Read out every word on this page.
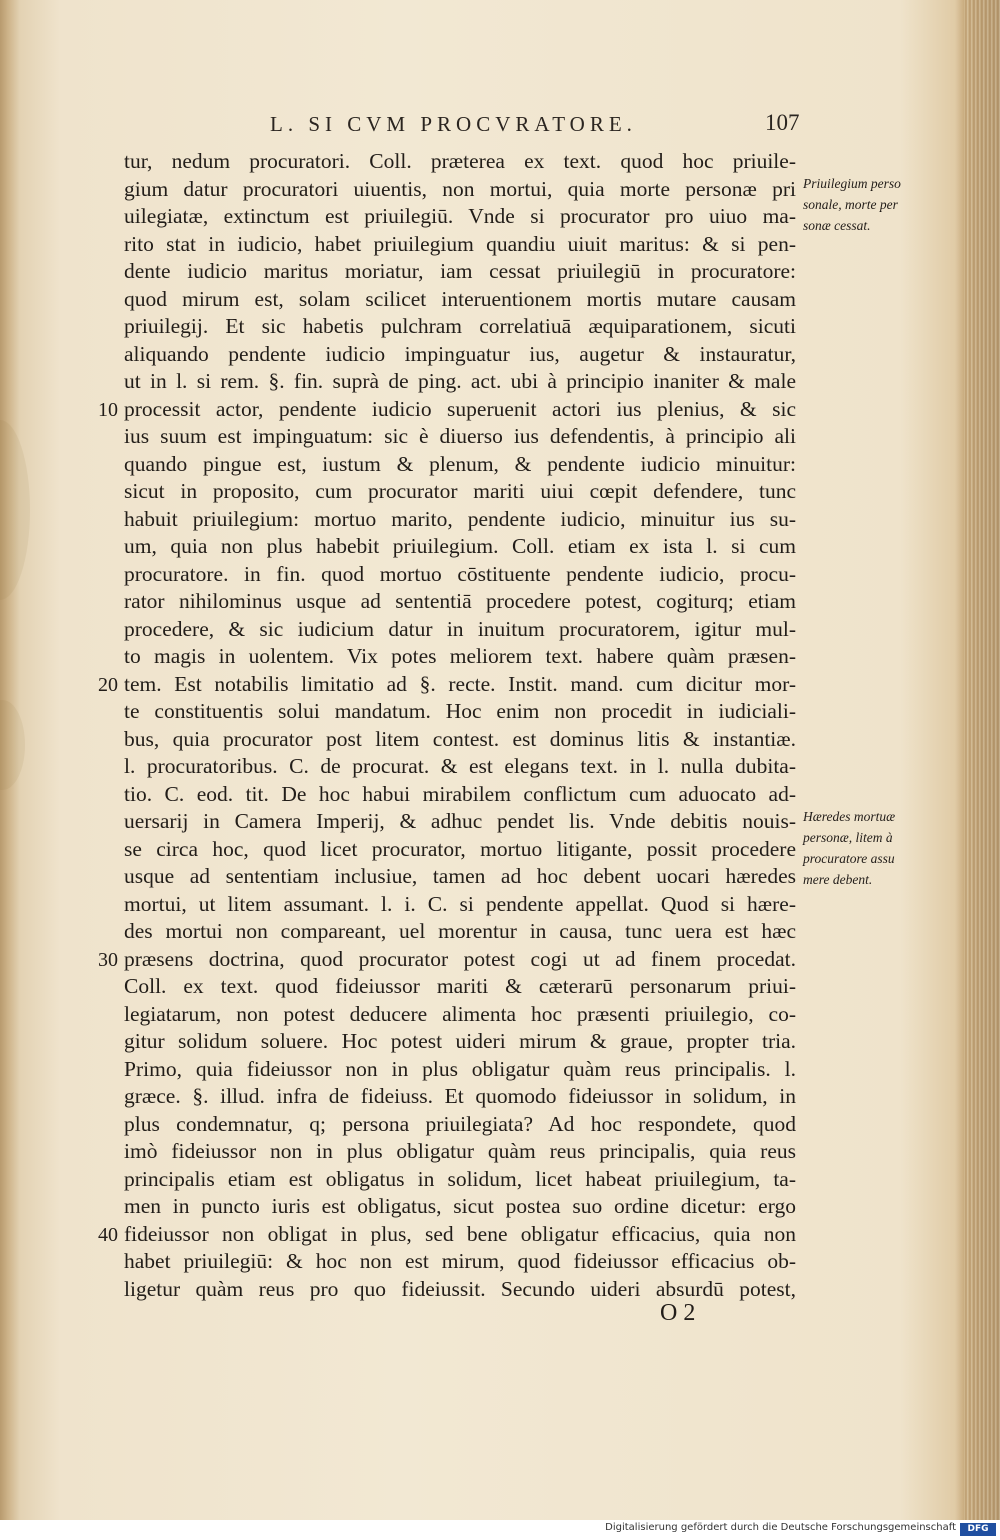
L. SI CVM PROCVRATORE.	107
tur, nedum procuratori. Coll. præterea ex text. quod hoc priuile-
gium datur procuratori uiuentis, non mortui, quia morte personæ pri
uilegiatæ, extinctum est priuilegiū. Vnde si procurator pro uiuo ma-
rito stat in iudicio, habet priuilegium quandiu uiuit maritus: & si pen-
dente iudicio maritus moriatur, iam cessat priuilegiū in procuratore:
quod mirum est, solam scilicet interuentionem mortis mutare causam
priuilegij. Et sic habetis pulchram correlatiuā æquiparationem, sicuti
aliquando pendente iudicio impinguatur ius, augetur & instauratur,
ut in l. si rem. §. fin. suprà de ping. act. ubi à principio inaniter & male
processit actor, pendente iudicio superuenit actori ius plenius, & sic
ius suum est impinguatum: sic è diuerso ius defendentis, à principio ali
quando pingue est, iustum & plenum, & pendente iudicio minuitur:
sicut in proposito, cum procurator mariti uiui cœpit defendere, tunc
habuit priuilegium: mortuo marito, pendente iudicio, minuitur ius su-
um, quia non plus habebit priuilegium. Coll. etiam ex ista l. si cum
procuratore. in fin. quod mortuo cōstituente pendente iudicio, procu-
rator nihilominus usque ad sententiā procedere potest, cogiturq; etiam
procedere, & sic iudicium datur in inuitum procuratorem, igitur mul-
to magis in uolentem. Vix potes meliorem text. habere quàm præsen-
tem. Est notabilis limitatio ad §. recte. Instit. mand. cum dicitur mor-
te constituentis solui mandatum. Hoc enim non procedit in iudiciali-
bus, quia procurator post litem contest. est dominus litis & instantiæ.
l. procuratoribus. C. de procurat. & est elegans text. in l. nulla dubita-
tio. C. eod. tit. De hoc habui mirabilem conflictum cum aduocato ad-
uersarij in Camera Imperij, & adhuc pendet lis. Vnde debitis nouis-
se circa hoc, quod licet procurator, mortuo litigante, possit procedere
usque ad sententiam inclusiue, tamen ad hoc debent uocari hæredes
mortui, ut litem assumant. l. i. C. si pendente appellat. Quod si hære-
des mortui non compareant, uel morentur in causa, tunc uera est hæc
præsens doctrina, quod procurator potest cogi ut ad finem procedat.
Coll. ex text. quod fideiussor mariti & cæterarū personarum priui-
legiatarum, non potest deducere alimenta hoc præsenti priuilegio, co-
gitur solidum soluere. Hoc potest uideri mirum & graue, propter tria.
Primo, quia fideiussor non in plus obligatur quàm reus principalis. l.
græce. §. illud. infra de fideiuss. Et quomodo fideiussor in solidum, in
plus condemnatur, q; persona priuilegiata? Ad hoc respondete, quod
imò fideiussor non in plus obligatur quàm reus principalis, quia reus
principalis etiam est obligatus in solidum, licet habeat priuilegium, ta-
men in puncto iuris est obligatus, sicut postea suo ordine dicetur: ergo
fideiussor non obligat in plus, sed bene obligatur efficacius, quia non
habet priuilegiū: & hoc non est mirum, quod fideiussor efficacius ob-
ligetur quàm reus pro quo fideiussit. Secundo uideri absurdū potest,
10
20
30
40
Priuilegium perso sonale, morte per sonæ cessat.
Hæredes mortuæ personæ, litem à procuratore assu mere debent.
O 2
Digitalisierung gefördert durch die Deutsche Forschungsgemeinschaft	DFG
